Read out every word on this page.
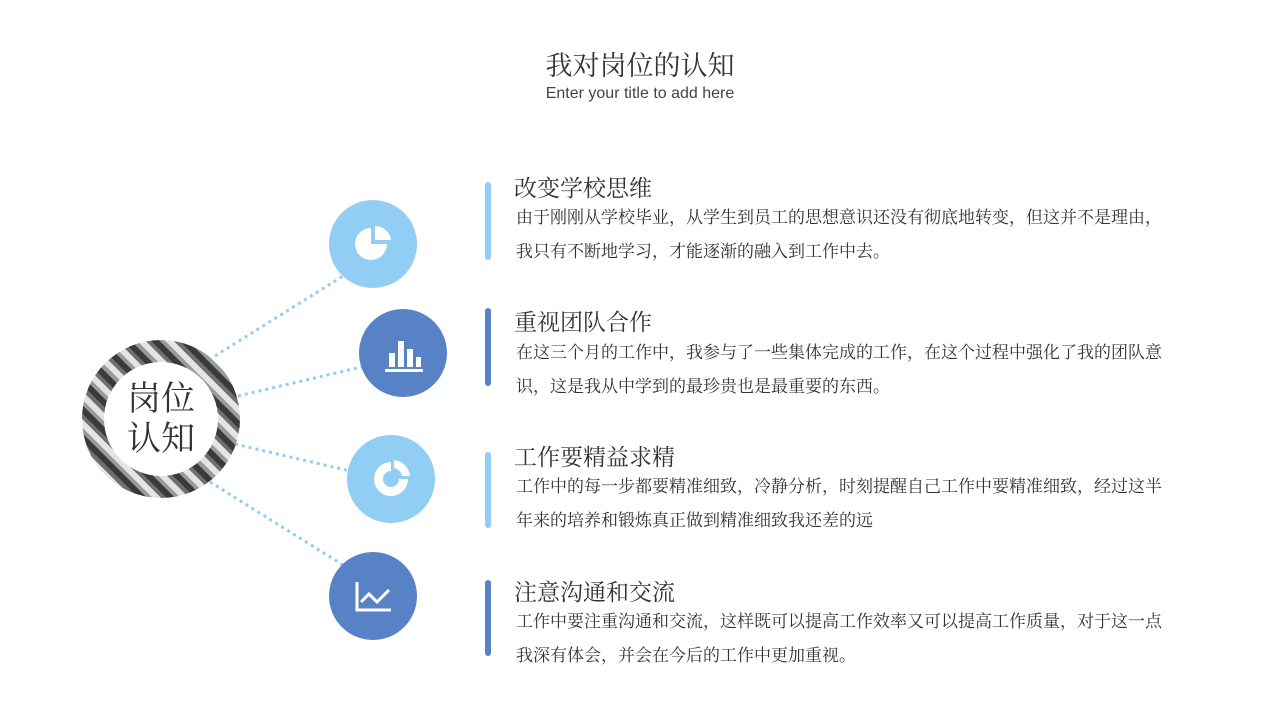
我对岗位的认知
Enter your title to add here
岗位
认知
改变学校思维
由于刚刚从学校毕业，从学生到员工的思想意识还没有彻底地转变，但这并不是理由，我只有不断地学习，才能逐渐的融入到工作中去。
重视团队合作
在这三个月的工作中，我参与了一些集体完成的工作，在这个过程中强化了我的团队意识，这是我从中学到的最珍贵也是最重要的东西。
工作要精益求精
工作中的每一步都要精准细致，冷静分析，时刻提醒自己工作中要精准细致，经过这半年来的培养和锻炼真正做到精准细致我还差的远
注意沟通和交流
工作中要注重沟通和交流，这样既可以提高工作效率又可以提高工作质量，对于这一点我深有体会，并会在今后的工作中更加重视。
